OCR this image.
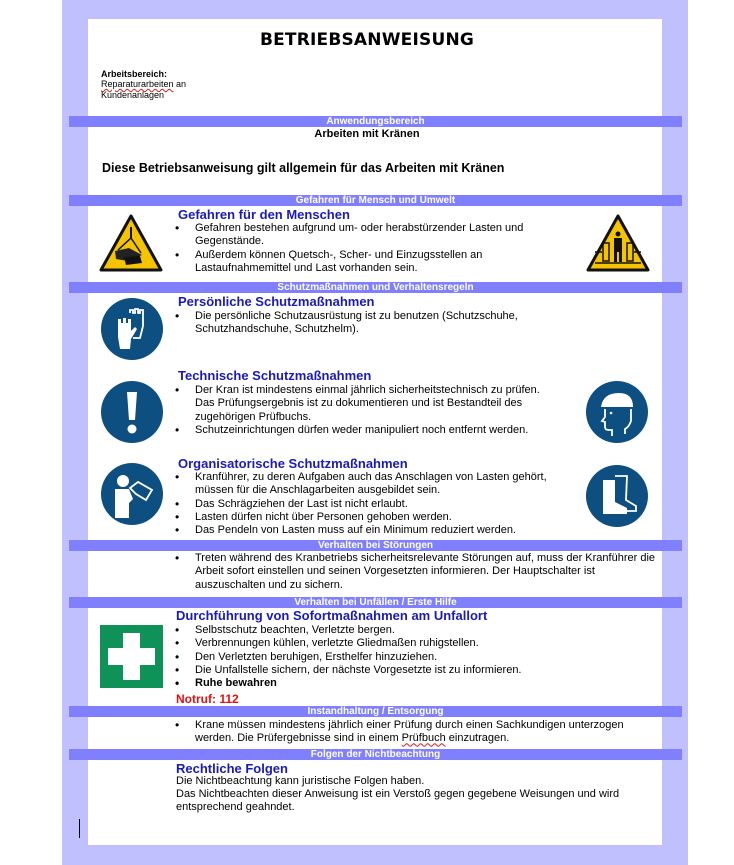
BETRIEBSANWEISUNG
Arbeitsbereich:
Reparaturarbeiten an Kundenanlagen
Anwendungsbereich
Arbeiten mit Kränen
Diese Betriebsanweisung gilt allgemein für das Arbeiten mit Kränen
Gefahren für Mensch und Umwelt
Gefahren für den Menschen
• Gefahren bestehen aufgrund um- oder herabstürzender Lasten und Gegenstände.
• Außerdem können Quetsch-, Scher- und Einzugsstellen an Lastaufnahmemittel und Last vorhanden sein.
Schutzmaßnahmen und Verhaltensregeln
Persönliche Schutzmaßnahmen
• Die persönliche Schutzausrüstung ist zu benutzen (Schutzschuhe, Schutzhandschuhe, Schutzhelm).
Technische Schutzmaßnahmen
• Der Kran ist mindestens einmal jährlich sicherheitstechnisch zu prüfen. Das Prüfungsergebnis ist zu dokumentieren und ist Bestandteil des zugehörigen Prüfbuchs.
• Schutzeinrichtungen dürfen weder manipuliert noch entfernt werden.
Organisatorische Schutzmaßnahmen
• Kranführer, zu deren Aufgaben auch das Anschlagen von Lasten gehört, müssen für die Anschlagarbeiten ausgebildet sein.
• Das Schrägziehen der Last ist nicht erlaubt.
• Lasten dürfen nicht über Personen gehoben werden.
• Das Pendeln von Lasten muss auf ein Minimum reduziert werden.
Verhalten bei Störungen
• Treten während des Kranbetriebs sicherheitsrelevante Störungen auf, muss der Kranführer die Arbeit sofort einstellen und seinen Vorgesetzten informieren. Der Hauptschalter ist auszuschalten und zu sichern.
Verhalten bei Unfällen / Erste Hilfe
Durchführung von Sofortmaßnahmen am Unfallort
• Selbstschutz beachten, Verletzte bergen.
• Verbrennungen kühlen, verletzte Gliedmaßen ruhigstellen.
• Den Verletzten beruhigen, Ersthelfer hinzuziehen.
• Die Unfallstelle sichern, der nächste Vorgesetzte ist zu informieren.
• Ruhe bewahren
Notruf: 112
Instandhaltung / Entsorgung
• Krane müssen mindestens jährlich einer Prüfung durch einen Sachkundigen unterzogen werden. Die Prüfergebnisse sind in einem Prüfbuch einzutragen.
Folgen der Nichtbeachtung
Rechtliche Folgen
Die Nichtbeachtung kann juristische Folgen haben.
Das Nichtbeachten dieser Anweisung ist ein Verstoß gegen gegebene Weisungen und wird entsprechend geahndet.
